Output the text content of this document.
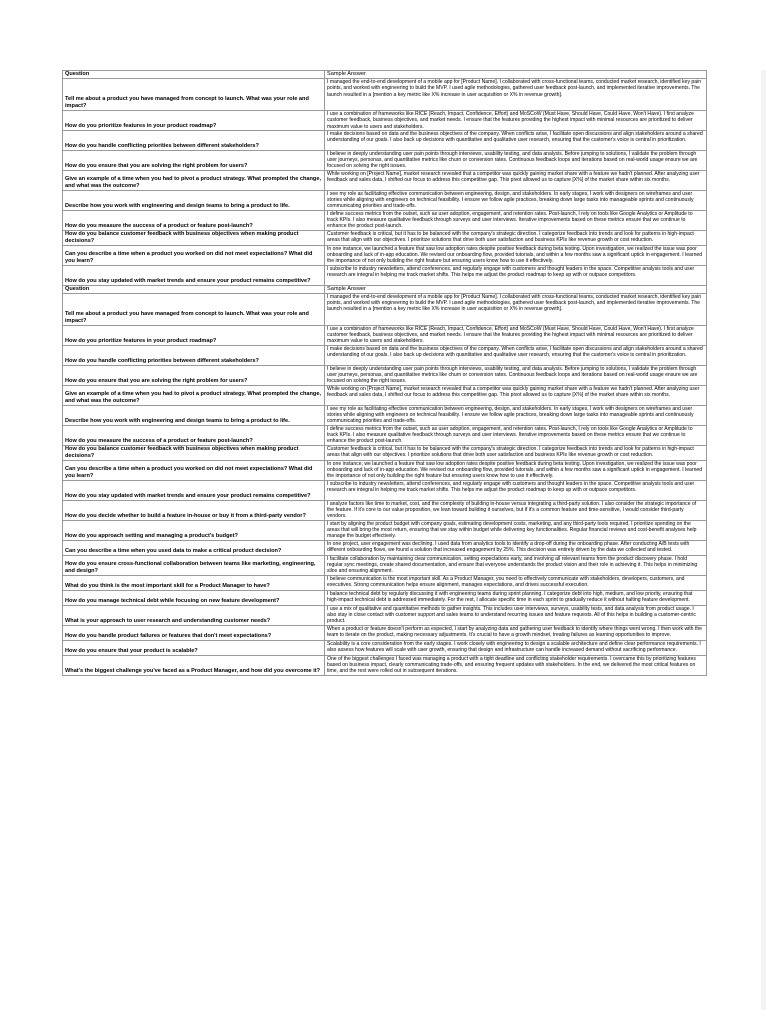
Question	Sample Answer
Tell me about a product you have managed from concept to launch. What was your role and impact?	I managed the end-to-end development of a mobile app for [Product Name]. I collaborated with cross-functional teams, conducted market research, identified key pain points, and worked with engineering to build the MVP. I used agile methodologies, gathered user feedback post-launch, and implemented iterative improvements. The launch resulted in a [mention a key metric like X% increase in user acquisition or X% in revenue growth].
How do you prioritize features in your product roadmap?	I use a combination of frameworks like RICE (Reach, Impact, Confidence, Effort) and MoSCoW (Must Have, Should Have, Could Have, Won't Have). I first analyze customer feedback, business objectives, and market needs. I ensure that the features providing the highest impact with minimal resources are prioritized to deliver maximum value to users and stakeholders.
How do you handle conflicting priorities between different stakeholders?	I make decisions based on data and the business objectives of the company. When conflicts arise, I facilitate open discussions and align stakeholders around a shared understanding of our goals. I also back up decisions with quantitative and qualitative user research, ensuring that the customer's voice is central in prioritization.
How do you ensure that you are solving the right problem for users?	I believe in deeply understanding user pain points through interviews, usability testing, and data analysis. Before jumping to solutions, I validate the problem through user journeys, personas, and quantitative metrics like churn or conversion rates. Continuous feedback loops and iterations based on real-world usage ensure we are focused on solving the right issues.
Give an example of a time when you had to pivot a product strategy. What prompted the change, and what was the outcome?	While working on [Project Name], market research revealed that a competitor was quickly gaining market share with a feature we hadn't planned. After analyzing user feedback and sales data, I shifted our focus to address this competitive gap. This pivot allowed us to capture [X%] of the market share within six months.
Describe how you work with engineering and design teams to bring a product to life.	I see my role as facilitating effective communication between engineering, design, and stakeholders. In early stages, I work with designers on wireframes and user stories while aligning with engineers on technical feasibility. I ensure we follow agile practices, breaking down large tasks into manageable sprints and continuously communicating priorities and trade-offs.
How do you measure the success of a product or feature post-launch?	I define success metrics from the outset, such as user adoption, engagement, and retention rates. Post-launch, I rely on tools like Google Analytics or Amplitude to track KPIs. I also measure qualitative feedback through surveys and user interviews. Iterative improvements based on these metrics ensure that we continue to enhance the product post-launch.
How do you balance customer feedback with business objectives when making product decisions?	Customer feedback is critical, but it has to be balanced with the company's strategic direction. I categorize feedback into trends and look for patterns in high-impact areas that align with our objectives. I prioritize solutions that drive both user satisfaction and business KPIs like revenue growth or cost reduction.
Can you describe a time when a product you worked on did not meet expectations? What did you learn?	In one instance, we launched a feature that saw low adoption rates despite positive feedback during beta testing. Upon investigation, we realized the issue was poor onboarding and lack of in-app education. We revised our onboarding flow, provided tutorials, and within a few months saw a significant uptick in engagement. I learned the importance of not only building the right feature but ensuring users know how to use it effectively.
How do you stay updated with market trends and ensure your product remains competitive?	I subscribe to industry newsletters, attend conferences, and regularly engage with customers and thought leaders in the space. Competitive analysis tools and user research are integral in helping me track market shifts. This helps me adjust the product roadmap to keep up with or outpace competitors.
Question	Sample Answer
Tell me about a product you have managed from concept to launch. What was your role and impact?	I managed the end-to-end development of a mobile app for [Product Name]. I collaborated with cross-functional teams, conducted market research, identified key pain points, and worked with engineering to build the MVP. I used agile methodologies, gathered user feedback post-launch, and implemented iterative improvements. The launch resulted in a [mention a key metric like X% increase in user acquisition or X% in revenue growth].
How do you prioritize features in your product roadmap?	I use a combination of frameworks like RICE (Reach, Impact, Confidence, Effort) and MoSCoW (Must Have, Should Have, Could Have, Won't Have). I first analyze customer feedback, business objectives, and market needs. I ensure that the features providing the highest impact with minimal resources are prioritized to deliver maximum value to users and stakeholders.
How do you handle conflicting priorities between different stakeholders?	I make decisions based on data and the business objectives of the company. When conflicts arise, I facilitate open discussions and align stakeholders around a shared understanding of our goals. I also back up decisions with quantitative and qualitative user research, ensuring that the customer's voice is central in prioritization.
How do you ensure that you are solving the right problem for users?	I believe in deeply understanding user pain points through interviews, usability testing, and data analysis. Before jumping to solutions, I validate the problem through user journeys, personas, and quantitative metrics like churn or conversion rates. Continuous feedback loops and iterations based on real-world usage ensure we are focused on solving the right issues.
Give an example of a time when you had to pivot a product strategy. What prompted the change, and what was the outcome?	While working on [Project Name], market research revealed that a competitor was quickly gaining market share with a feature we hadn't planned. After analyzing user feedback and sales data, I shifted our focus to address this competitive gap. This pivot allowed us to capture [X%] of the market share within six months.
Describe how you work with engineering and design teams to bring a product to life.	I see my role as facilitating effective communication between engineering, design, and stakeholders. In early stages, I work with designers on wireframes and user stories while aligning with engineers on technical feasibility. I ensure we follow agile practices, breaking down large tasks into manageable sprints and continuously communicating priorities and trade-offs.
How do you measure the success of a product or feature post-launch?	I define success metrics from the outset, such as user adoption, engagement, and retention rates. Post-launch, I rely on tools like Google Analytics or Amplitude to track KPIs. I also measure qualitative feedback through surveys and user interviews. Iterative improvements based on these metrics ensure that we continue to enhance the product post-launch.
How do you balance customer feedback with business objectives when making product decisions?	Customer feedback is critical, but it has to be balanced with the company's strategic direction. I categorize feedback into trends and look for patterns in high-impact areas that align with our objectives. I prioritize solutions that drive both user satisfaction and business KPIs like revenue growth or cost reduction.
Can you describe a time when a product you worked on did not meet expectations? What did you learn?	In one instance, we launched a feature that saw low adoption rates despite positive feedback during beta testing. Upon investigation, we realized the issue was poor onboarding and lack of in-app education. We revised our onboarding flow, provided tutorials, and within a few months saw a significant uptick in engagement. I learned the importance of not only building the right feature but ensuring users know how to use it effectively.
How do you stay updated with market trends and ensure your product remains competitive?	I subscribe to industry newsletters, attend conferences, and regularly engage with customers and thought leaders in the space. Competitive analysis tools and user research are integral in helping me track market shifts. This helps me adjust the product roadmap to keep up with or outpace competitors.
How do you decide whether to build a feature in-house or buy it from a third-party vendor?	I analyze factors like time to market, cost, and the complexity of building in-house versus integrating a third-party solution. I also consider the strategic importance of the feature. If it's core to our value proposition, we lean toward building it ourselves, but if it's a common feature and time-sensitive, I would consider third-party vendors.
How do you approach setting and managing a product's budget?	I start by aligning the product budget with company goals, estimating development costs, marketing, and any third-party tools required. I prioritize spending on the areas that will bring the most return, ensuring that we stay within budget while delivering key functionalities. Regular financial reviews and cost-benefit analyses help manage the budget effectively.
Can you describe a time when you used data to make a critical product decision?	In one project, user engagement was declining. I used data from analytics tools to identify a drop-off during the onboarding phase. After conducting A/B tests with different onboarding flows, we found a solution that increased engagement by 25%. This decision was entirely driven by the data we collected and tested.
How do you ensure cross-functional collaboration between teams like marketing, engineering, and design?	I facilitate collaboration by maintaining clear communication, setting expectations early, and involving all relevant teams from the product discovery phase. I hold regular sync meetings, create shared documentation, and ensure that everyone understands the product vision and their role in achieving it. This helps in minimizing silos and ensuring alignment.
What do you think is the most important skill for a Product Manager to have?	I believe communication is the most important skill. As a Product Manager, you need to effectively communicate with stakeholders, developers, customers, and executives. Strong communication helps ensure alignment, manages expectations, and drives successful execution.
How do you manage technical debt while focusing on new feature development?	I balance technical debt by regularly discussing it with engineering teams during sprint planning. I categorize debt into high, medium, and low priority, ensuring that high-impact technical debt is addressed immediately. For the rest, I allocate specific time in each sprint to gradually reduce it without halting feature development.
What is your approach to user research and understanding customer needs?	I use a mix of qualitative and quantitative methods to gather insights. This includes user interviews, surveys, usability tests, and data analysis from product usage. I also stay in close contact with customer support and sales teams to understand recurring issues and feature requests. All of this helps in building a customer-centric product.
How do you handle product failures or features that don't meet expectations?	When a product or feature doesn't perform as expected, I start by analyzing data and gathering user feedback to identify where things went wrong. I then work with the team to iterate on the product, making necessary adjustments. It's crucial to have a growth mindset, treating failures as learning opportunities to improve.
How do you ensure that your product is scalable?	Scalability is a core consideration from the early stages. I work closely with engineering to design a scalable architecture and define clear performance requirements. I also assess how features will scale with user growth, ensuring that design and infrastructure can handle increased demand without sacrificing performance.
What's the biggest challenge you've faced as a Product Manager, and how did you overcome it?	One of the biggest challenges I faced was managing a product with a tight deadline and conflicting stakeholder requirements. I overcame this by prioritizing features based on business impact, clearly communicating trade-offs, and ensuring frequent updates with stakeholders. In the end, we delivered the most critical features on time, and the rest were rolled out in subsequent iterations.
